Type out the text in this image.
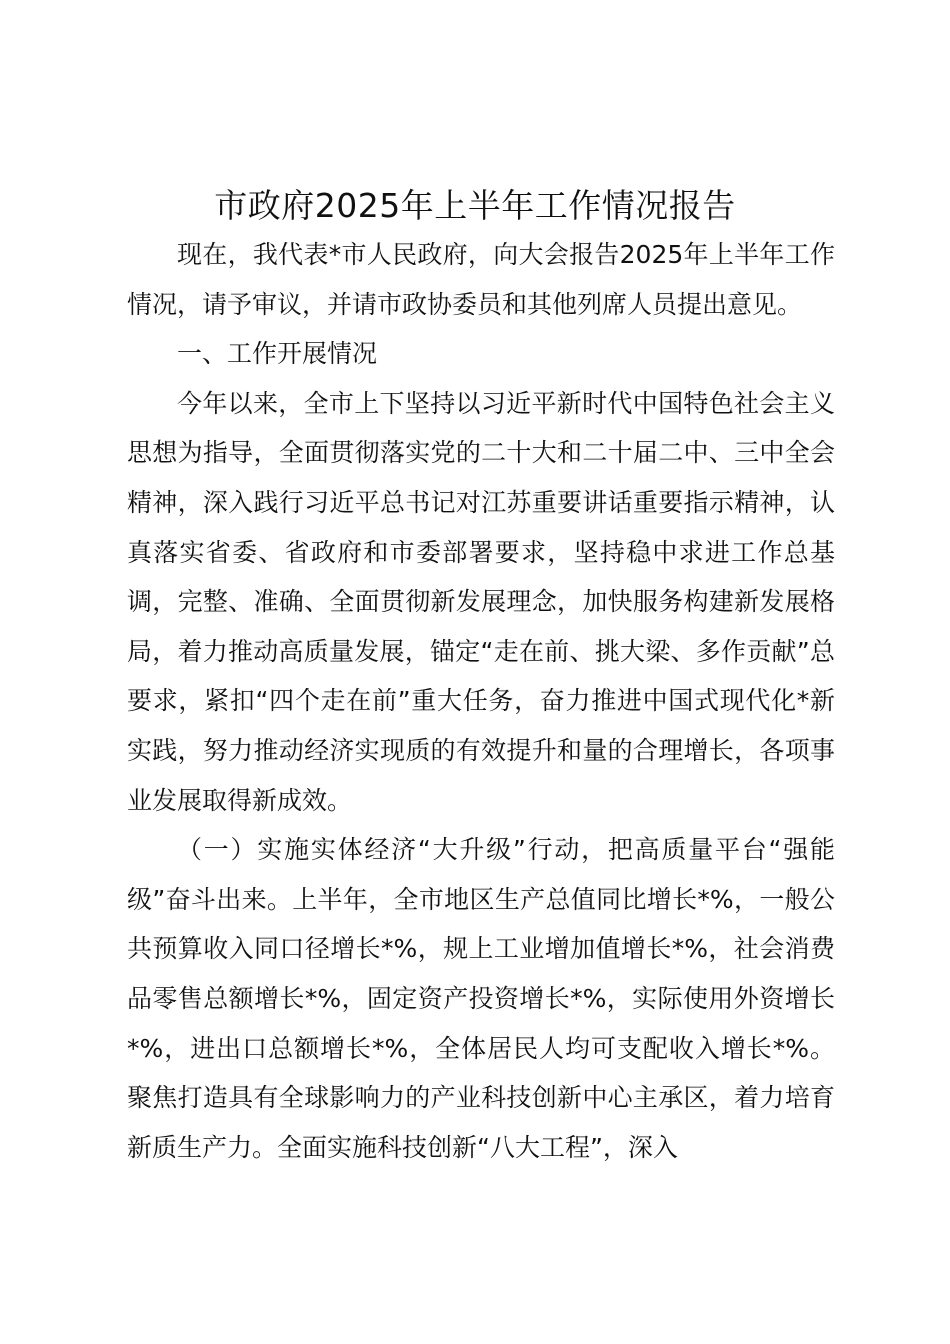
市政府2025年上半年工作情况报告

现在，我代表*市人民政府，向大会报告2025年上半年工作情况，请予审议，并请市政协委员和其他列席人员提出意见。

一、工作开展情况

今年以来，全市上下坚持以习近平新时代中国特色社会主义思想为指导，全面贯彻落实党的二十大和二十届二中、三中全会精神，深入践行习近平总书记对江苏重要讲话重要指示精神，认真落实省委、省政府和市委部署要求，坚持稳中求进工作总基调，完整、准确、全面贯彻新发展理念，加快服务构建新发展格局，着力推动高质量发展，锚定“走在前、挑大梁、多作贡献”总要求，紧扣“四个走在前”重大任务，奋力推进中国式现代化*新实践，努力推动经济实现质的有效提升和量的合理增长，各项事业发展取得新成效。

（一）实施实体经济“大升级”行动，把高质量平台“强能级”奋斗出来。上半年，全市地区生产总值同比增长*%，一般公共预算收入同口径增长*%，规上工业增加值增长*%，社会消费品零售总额增长*%，固定资产投资增长*%，实际使用外资增长*%，进出口总额增长*%，全体居民人均可支配收入增长*%。聚焦打造具有全球影响力的产业科技创新中心主承区，着力培育新质生产力。全面实施科技创新“八大工程”，深入
